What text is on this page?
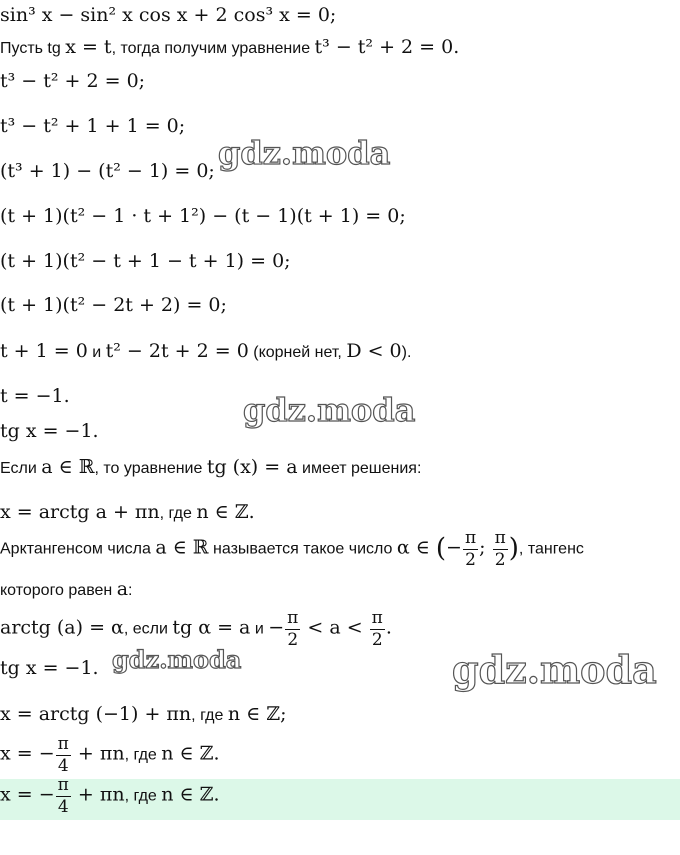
sin³ x − sin² x cos x + 2 cos³ x = 0;
Пусть tg x = t, тогда получим уравнение t³ − t² + 2 = 0.
t³ − t² + 2 = 0;
t³ − t² + 1 + 1 = 0;
(t³ + 1) − (t² − 1) = 0;
(t + 1)(t² − 1 · t + 1²) − (t − 1)(t + 1) = 0;
(t + 1)(t² − t + 1 − t + 1) = 0;
(t + 1)(t² − 2t + 2) = 0;
t + 1 = 0 и t² − 2t + 2 = 0 (корней нет, D < 0).
t = −1.
tg x = −1.
Если a ∈ ℝ, то уравнение tg (x) = a имеет решения:
x = arctg a + πn, где n ∈ ℤ.
Арктангенсом числа a ∈ ℝ называется такое число α ∈ (− $\frac{\pi}{2}$ ; $\frac{\pi}{2}$ ), тангенс
которого равен a:
arctg (a) = α, если tg α = a $и - \frac{\pi}{2} < a < \frac{\pi}{2}$ .
tg x = −1.
x = arctg (−1) + πn, где n ∈ ℤ;
x = − $\frac{\pi}{4} + \pi n$, где n ∈ ℤ.
x = − $\frac{\pi}{4} + \pi n$, где n ∈ ℤ.
gdz.moda
gdz.moda
gdz.moda	gdz.moda
